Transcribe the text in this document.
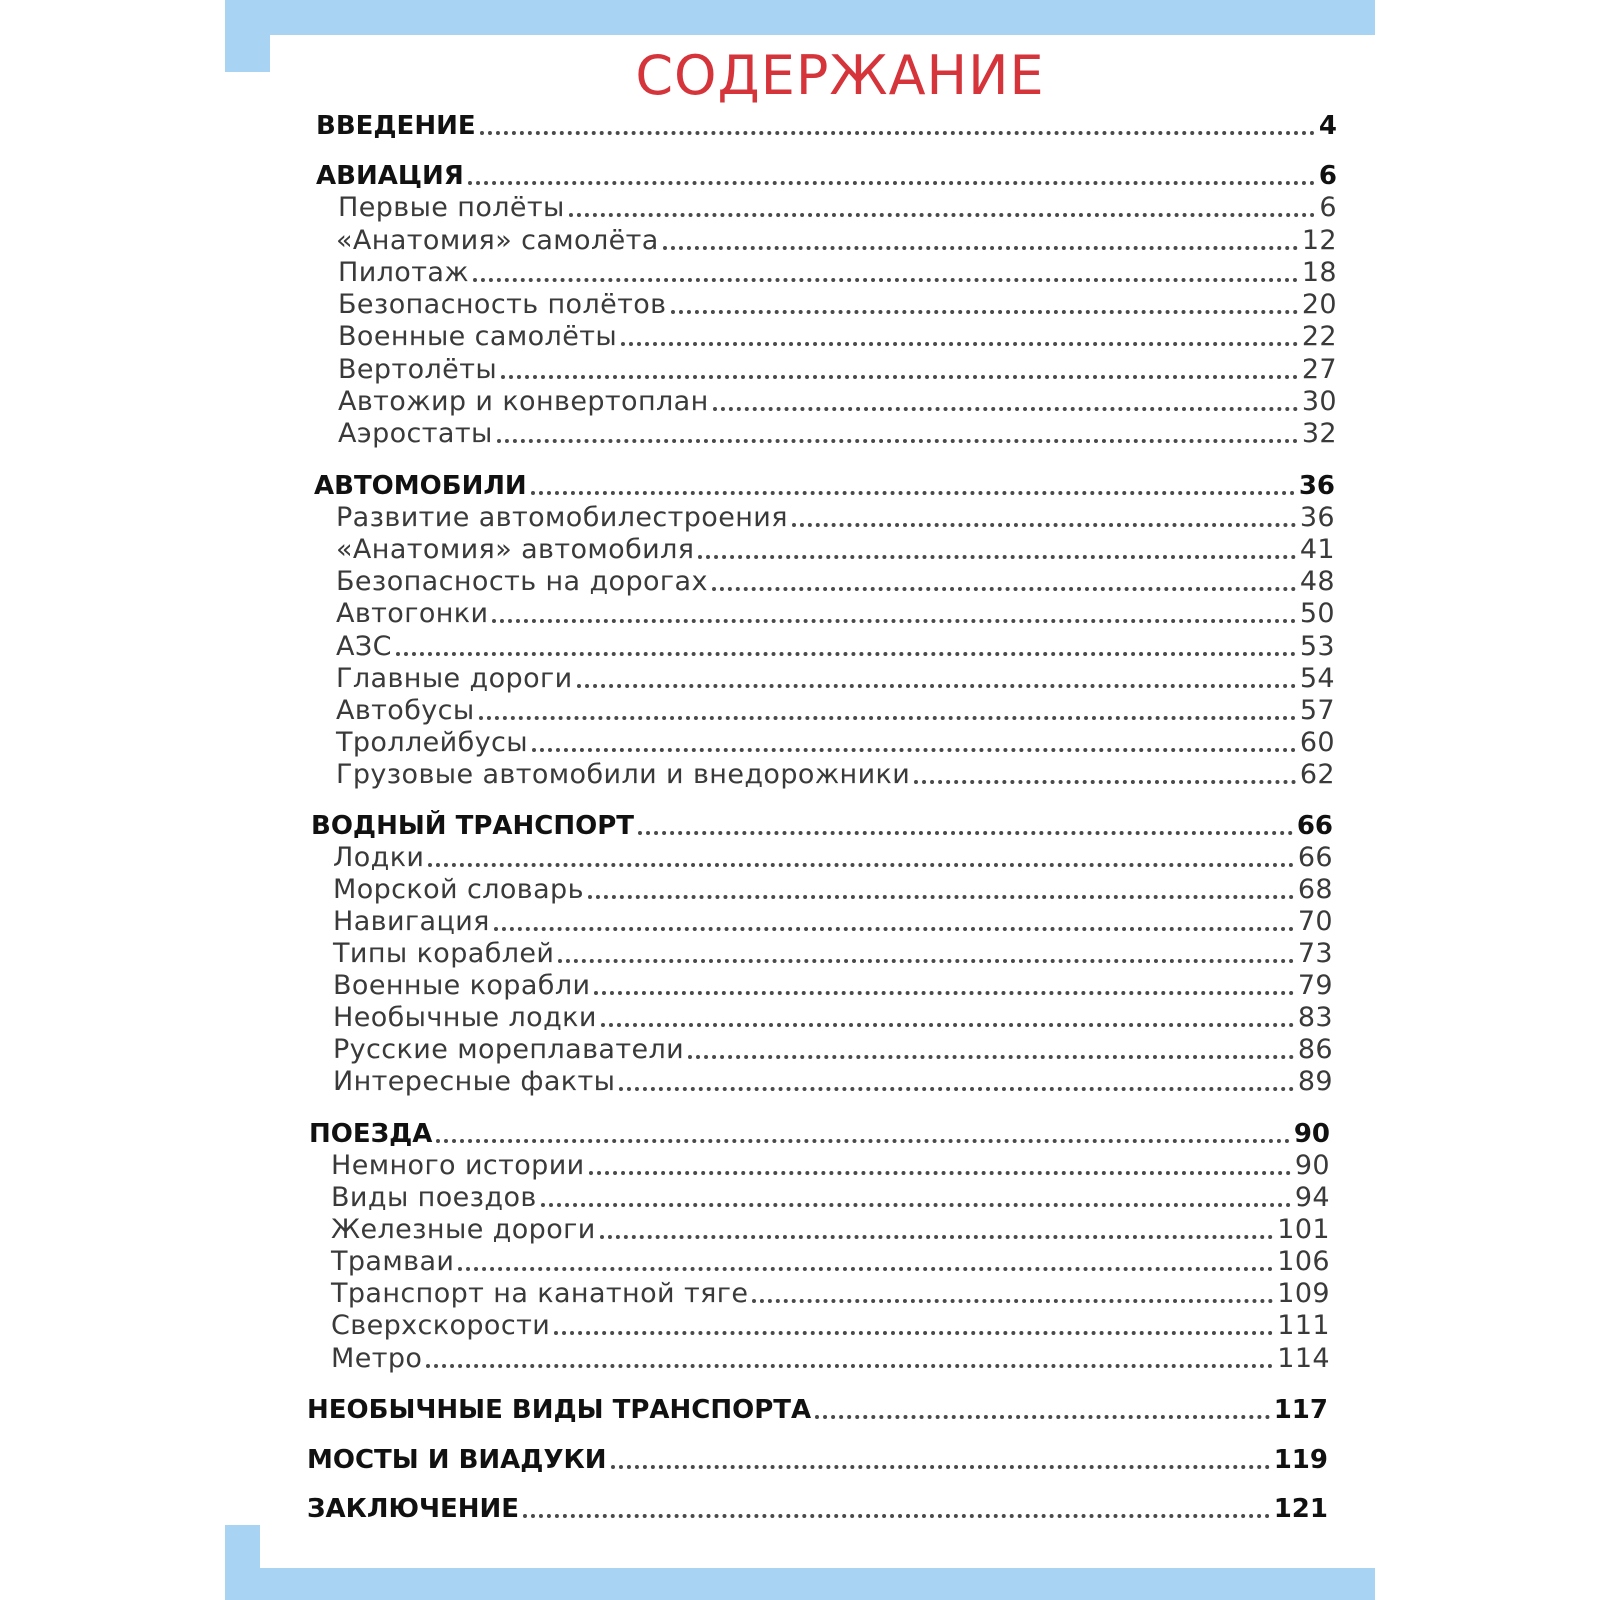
СОДЕРЖАНИЕ
ВВЕДЕНИЕ	4
АВИАЦИЯ	6
Первые полёты	6
«Анатомия» самолёта	12
Пилотаж	18
Безопасность полётов	20
Военные самолёты	22
Вертолёты	27
Автожир и конвертоплан	30
Аэростаты	32
АВТОМОБИЛИ	36
Развитие автомобилестроения	36
«Анатомия» автомобиля	41
Безопасность на дорогах	48
Автогонки	50
АЗС	53
Главные дороги	54
Автобусы	57
Троллейбусы	60
Грузовые автомобили и внедорожники	62
ВОДНЫЙ ТРАНСПОРТ	66
Лодки	66
Морской словарь	68
Навигация	70
Типы кораблей	73
Военные корабли	79
Необычные лодки	83
Русские мореплаватели	86
Интересные факты	89
ПОЕЗДА	90
Немного истории	90
Виды поездов	94
Железные дороги	101
Трамваи	106
Транспорт на канатной тяге	109
Сверхскорости	111
Метро	114
НЕОБЫЧНЫЕ ВИДЫ ТРАНСПОРТА	117
МОСТЫ И ВИАДУКИ	119
ЗАКЛЮЧЕНИЕ	121
